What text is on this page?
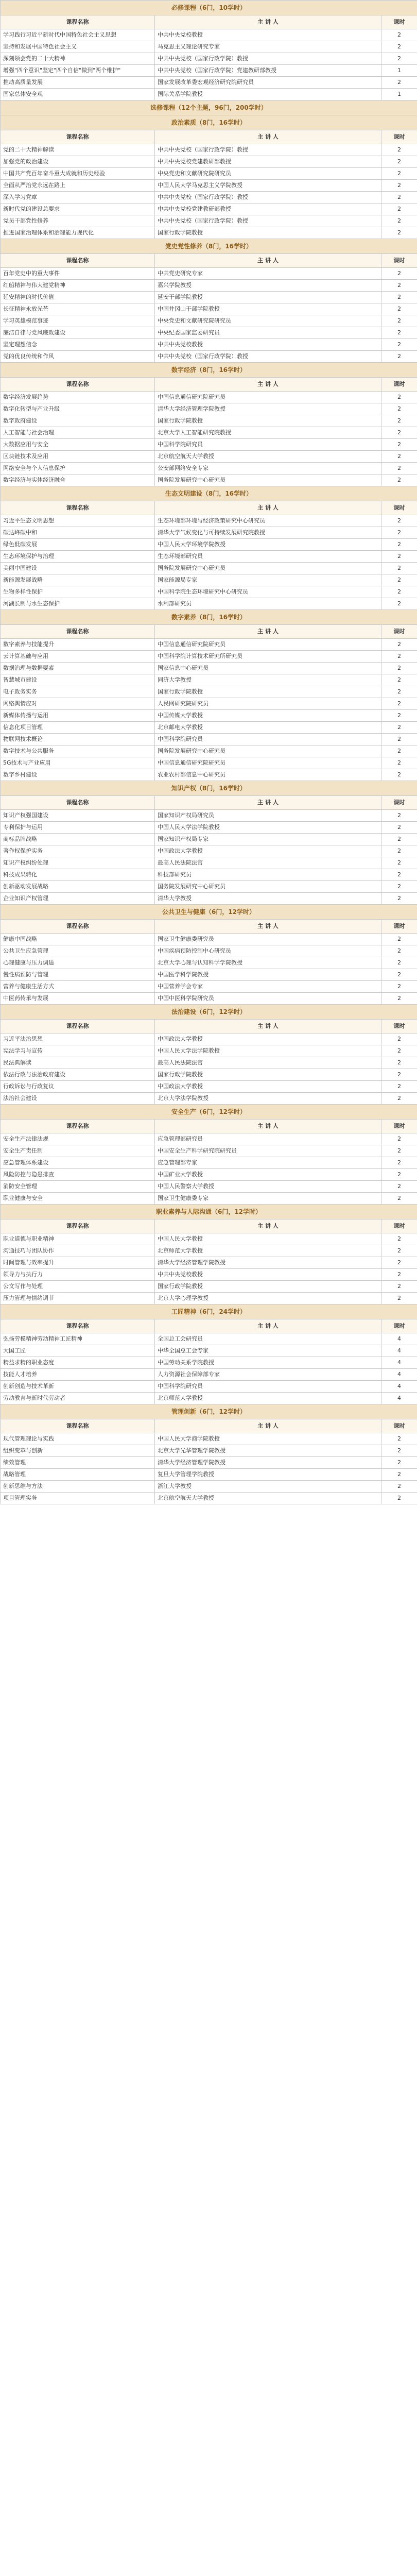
必修课程（6门，10学时）		
课程名称	主 讲 人	课时
学习践行习近平新时代中国特色社会主义思想	中共中央党校教授	2
坚持和发展中国特色社会主义	马克思主义理论研究专家	2
深刻领会党的二十大精神	中共中央党校（国家行政学院）教授	2
增强"四个意识"坚定"四个自信"做到"两个维护"	中共中央党校（国家行政学院）党建教研部教授	1
推动高质量发展	国家发展改革委宏观经济研究院研究员	2
国家总体安全观	国际关系学院教授	1
选修课程（12个主题，96门，200学时）		
政治素质（8门，16学时）		
课程名称	主 讲 人	课时
党的二十大精神解读	中共中央党校（国家行政学院）教授	2
加强党的政治建设	中共中央党校党建教研部教授	2
中国共产党百年奋斗重大成就和历史经验	中央党史和文献研究院研究员	2
全面从严治党永远在路上	中国人民大学马克思主义学院教授	2
深入学习党章	中共中央党校（国家行政学院）教授	2
新时代党的建设总要求	中共中央党校党建教研部教授	2
党员干部党性修养	中共中央党校（国家行政学院）教授	2
推进国家治理体系和治理能力现代化	国家行政学院教授	2
党史党性修养（8门，16学时）		
课程名称	主 讲 人	课时
百年党史中的重大事件	中共党史研究专家	2
红船精神与伟大建党精神	嘉兴学院教授	2
延安精神的时代价值	延安干部学院教授	2
长征精神永放光芒	中国井冈山干部学院教授	2
学习英雄模范事迹	中央党史和文献研究院研究员	2
廉洁自律与党风廉政建设	中央纪委国家监委研究员	2
坚定理想信念	中共中央党校教授	2
党的优良传统和作风	中共中央党校（国家行政学院）教授	2
数字经济（8门，16学时）		
课程名称	主 讲 人	课时
数字经济发展趋势	中国信息通信研究院研究员	2
数字化转型与产业升级	清华大学经济管理学院教授	2
数字政府建设	国家行政学院教授	2
人工智能与社会治理	北京大学人工智能研究院教授	2
大数据应用与安全	中国科学院研究员	2
区块链技术及应用	北京航空航天大学教授	2
网络安全与个人信息保护	公安部网络安全专家	2
数字经济与实体经济融合	国务院发展研究中心研究员	2
生态文明建设（8门，16学时）		
课程名称	主 讲 人	课时
习近平生态文明思想	生态环境部环境与经济政策研究中心研究员	2
碳达峰碳中和	清华大学气候变化与可持续发展研究院教授	2
绿色低碳发展	中国人民大学环境学院教授	2
生态环境保护与治理	生态环境部研究员	2
美丽中国建设	国务院发展研究中心研究员	2
新能源发展战略	国家能源局专家	2
生物多样性保护	中国科学院生态环境研究中心研究员	2
河湖长制与水生态保护	水利部研究员	2
数字素养（8门，16学时）		
课程名称	主 讲 人	课时
数字素养与技能提升	中国信息通信研究院研究员	2
云计算基础与应用	中国科学院计算技术研究所研究员	2
数据治理与数据要素	国家信息中心研究员	2
智慧城市建设	同济大学教授	2
电子政务实务	国家行政学院教授	2
网络舆情应对	人民网研究院研究员	2
新媒体传播与运用	中国传媒大学教授	2
信息化项目管理	北京邮电大学教授	2
物联网技术概论	中国科学院研究员	2
数字技术与公共服务	国务院发展研究中心研究员	2
5G技术与产业应用	中国信息通信研究院研究员	2
数字乡村建设	农业农村部信息中心研究员	2
知识产权（8门，16学时）		
课程名称	主 讲 人	课时
知识产权强国建设	国家知识产权局研究员	2
专利保护与运用	中国人民大学法学院教授	2
商标品牌战略	国家知识产权局专家	2
著作权保护实务	中国政法大学教授	2
知识产权纠纷处理	最高人民法院法官	2
科技成果转化	科技部研究员	2
创新驱动发展战略	国务院发展研究中心研究员	2
企业知识产权管理	清华大学教授	2
公共卫生与健康（6门，12学时）		
课程名称	主 讲 人	课时
健康中国战略	国家卫生健康委研究员	2
公共卫生应急管理	中国疾病预防控制中心研究员	2
心理健康与压力调适	北京大学心理与认知科学学院教授	2
慢性病预防与管理	中国医学科学院教授	2
营养与健康生活方式	中国营养学会专家	2
中医药传承与发展	中国中医科学院研究员	2
法治建设（6门，12学时）		
课程名称	主 讲 人	课时
习近平法治思想	中国政法大学教授	2
宪法学习与宣传	中国人民大学法学院教授	2
民法典解读	最高人民法院法官	2
依法行政与法治政府建设	国家行政学院教授	2
行政诉讼与行政复议	中国政法大学教授	2
法治社会建设	北京大学法学院教授	2
安全生产（6门，12学时）		
课程名称	主 讲 人	课时
安全生产法律法规	应急管理部研究员	2
安全生产责任制	中国安全生产科学研究院研究员	2
应急管理体系建设	应急管理部专家	2
风险防控与隐患排查	中国矿业大学教授	2
消防安全管理	中国人民警察大学教授	2
职业健康与安全	国家卫生健康委专家	2
职业素养与人际沟通（6门，12学时）		
课程名称	主 讲 人	课时
职业道德与职业精神	中国人民大学教授	2
沟通技巧与团队协作	北京师范大学教授	2
时间管理与效率提升	清华大学经济管理学院教授	2
领导力与执行力	中共中央党校教授	2
公文写作与处理	国家行政学院教授	2
压力管理与情绪调节	北京大学心理学教授	2
工匠精神（6门，24学时）		
课程名称	主 讲 人	课时
弘扬劳模精神劳动精神工匠精神	全国总工会研究员	4
大国工匠	中华全国总工会专家	4
精益求精的职业态度	中国劳动关系学院教授	4
技能人才培养	人力资源社会保障部专家	4
创新创造与技术革新	中国科学院研究员	4
劳动教育与新时代劳动者	北京师范大学教授	4
管理创新（6门，12学时）		
课程名称	主 讲 人	课时
现代管理理论与实践	中国人民大学商学院教授	2
组织变革与创新	北京大学光华管理学院教授	2
绩效管理	清华大学经济管理学院教授	2
战略管理	复旦大学管理学院教授	2
创新思维与方法	浙江大学教授	2
项目管理实务	北京航空航天大学教授	2
